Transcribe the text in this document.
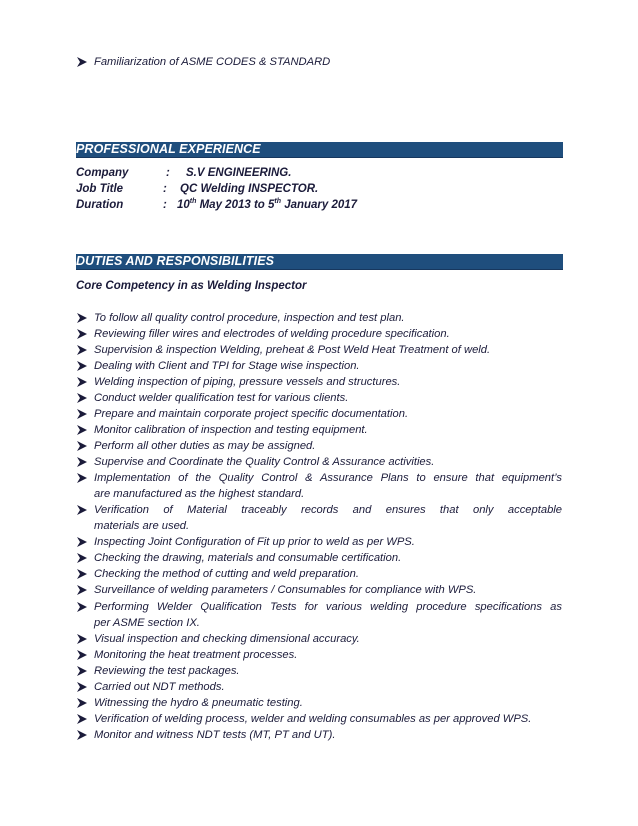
Familiarization of ASME CODES & STANDARD
PROFESSIONAL EXPERIENCE
Company	: S.V ENGINEERING.
Job Title	: QC Welding INSPECTOR.
Duration	: 10th May 2013 to 5th January 2017
DUTIES AND RESPONSIBILITIES
Core Competency in as Welding Inspector
To follow all quality control procedure, inspection and test plan.
Reviewing filler wires and electrodes of welding procedure specification.
Supervision & inspection Welding, preheat & Post Weld Heat Treatment of weld.
Dealing with Client and TPI for Stage wise inspection.
Welding inspection of piping, pressure vessels and structures.
Conduct welder qualification test for various clients.
Prepare and maintain corporate project specific documentation.
Monitor calibration of inspection and testing equipment.
Perform all other duties as may be assigned.
Supervise and Coordinate the Quality Control & Assurance activities.
Implementation of the Quality Control & Assurance Plans to ensure that equipment’s
are manufactured as the highest standard.
Verification of Material traceably records and ensures that only acceptable
materials are used.
Inspecting Joint Configuration of Fit up prior to weld as per WPS.
Checking the drawing, materials and consumable certification.
Checking the method of cutting and weld preparation.
Surveillance of welding parameters / Consumables for compliance with WPS.
Performing Welder Qualification Tests for various welding procedure specifications as
per ASME section IX.
Visual inspection and checking dimensional accuracy.
Monitoring the heat treatment processes.
Reviewing the test packages.
Carried out NDT methods.
Witnessing the hydro & pneumatic testing.
Verification of welding process, welder and welding consumables as per approved WPS.
Monitor and witness NDT tests (MT, PT and UT).
